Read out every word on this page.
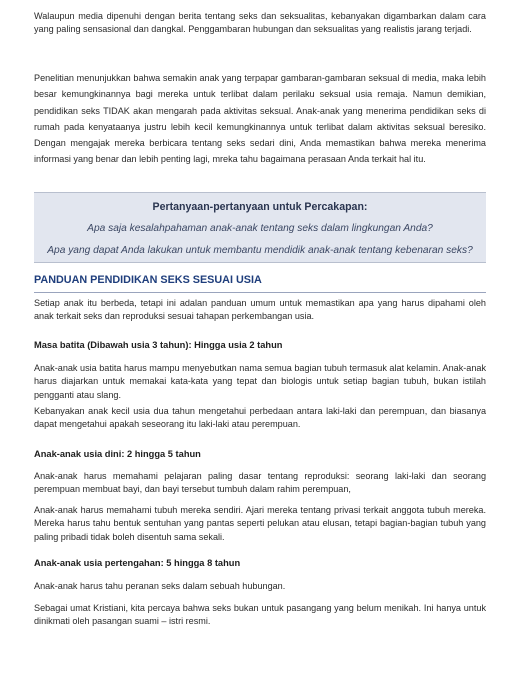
Walaupun media dipenuhi dengan berita tentang seks dan seksualitas, kebanyakan digambarkan dalam cara yang paling sensasional dan dangkal. Penggambaran hubungan dan seksualitas yang realistis jarang terjadi.

Penelitian menunjukkan bahwa semakin anak yang terpapar gambaran-gambaran seksual di media, maka lebih besar kemungkinannya bagi mereka untuk terlibat dalam perilaku seksual usia remaja. Namun demikian, pendidikan seks TIDAK akan mengarah pada aktivitas seksual. Anak-anak yang menerima pendidikan seks di rumah pada kenyataanya justru lebih kecil kemungkinannya untuk terlibat dalam aktivitas seksual beresiko. Dengan mengajak mereka berbicara tentang seks sedari dini, Anda memastikan bahwa mereka menerima informasi yang benar dan lebih penting lagi, mreka tahu bagaimana perasaan Anda terkait hal itu.

Pertanyaan-pertanyaan untuk Percakapan:
Apa saja kesalahpahaman anak-anak tentang seks dalam lingkungan Anda?
Apa yang dapat Anda lakukan untuk membantu mendidik anak-anak tentang kebenaran seks?
PANDUAN PENDIDIKAN SEKS SESUAI USIA

Setiap anak itu berbeda, tetapi ini adalan panduan umum untuk memastikan apa yang harus dipahami oleh anak terkait seks dan reproduksi sesuai tahapan perkembangan usia.

Masa batita (Dibawah usia 3 tahun): Hingga usia 2 tahun

Anak-anak usia batita harus mampu menyebutkan nama semua bagian tubuh termasuk alat kelamin. Anak-anak harus diajarkan untuk memakai kata-kata yang tepat dan biologis untuk setiap bagian tubuh, bukan istilah pengganti atau slang.

Kebanyakan anak kecil usia dua tahun mengetahui perbedaan antara laki-laki dan perempuan, dan biasanya dapat mengetahui apakah seseorang itu laki-laki atau perempuan.

Anak-anak usia dini: 2 hingga 5 tahun

Anak-anak harus memahami pelajaran paling dasar tentang reproduksi: seorang laki-laki dan seorang perempuan membuat bayi, dan bayi tersebut tumbuh dalam rahim perempuan,

Anak-anak harus memahami tubuh mereka sendiri. Ajari mereka tentang privasi terkait anggota tubuh mereka. Mereka harus tahu bentuk sentuhan yang pantas seperti pelukan atau elusan, tetapi bagian-bagian tubuh yang paling pribadi tidak boleh disentuh sama sekali.

Anak-anak usia pertengahan: 5 hingga 8 tahun

Anak-anak harus tahu peranan seks dalam sebuah hubungan.

Sebagai umat Kristiani, kita percaya bahwa seks bukan untuk pasangang yang belum menikah. Ini hanya untuk dinikmati oleh pasangan suami – istri resmi.
